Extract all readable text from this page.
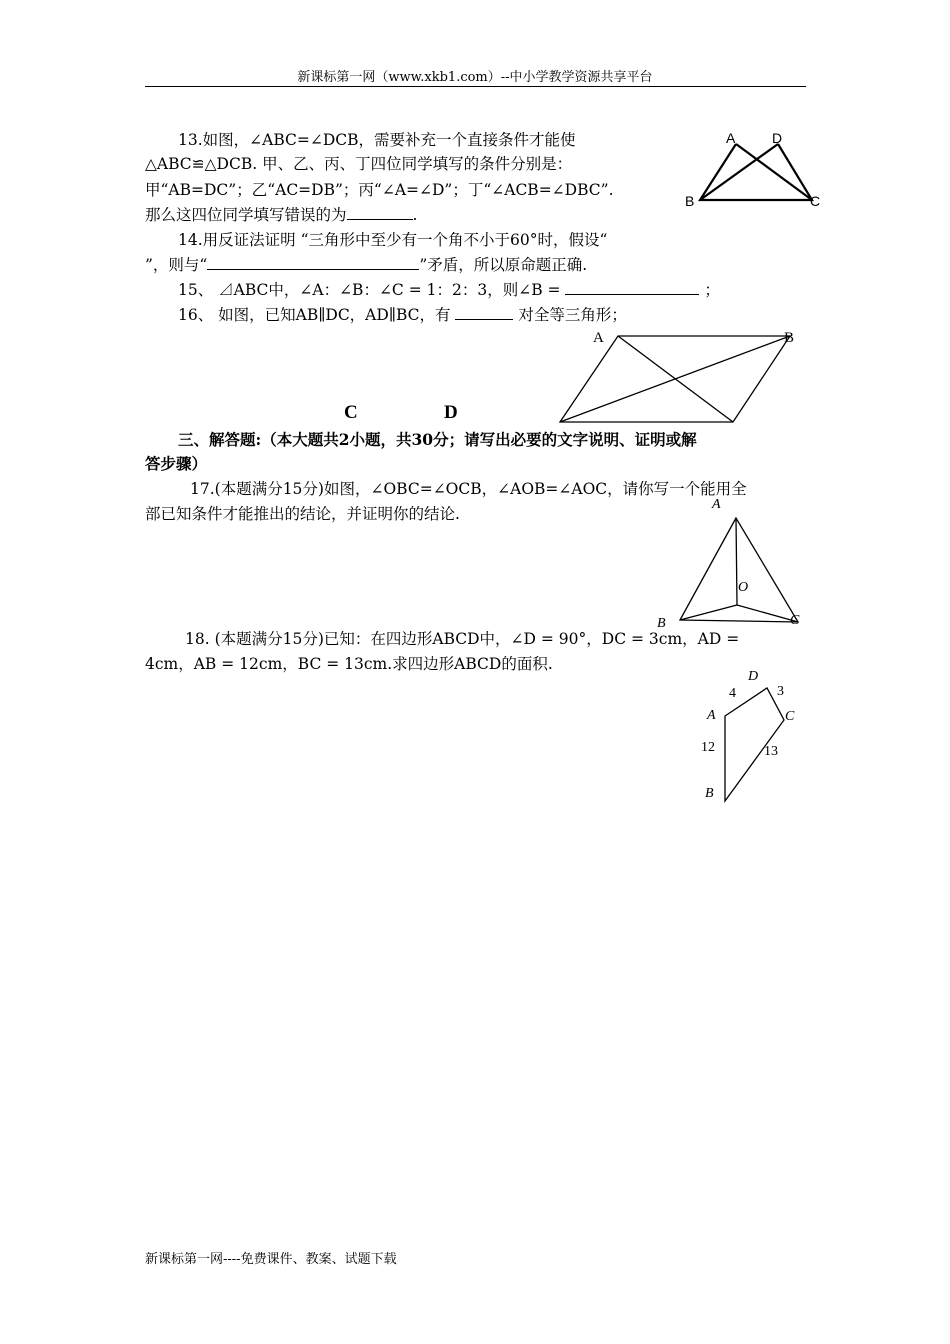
新课标第一网（www.xkb1.com）--中小学教学资源共享平台
13.如图，∠ABC=∠DCB，需要补充一个直接条件才能使
△ABC≌△DCB. 甲、乙、丙、丁四位同学填写的条件分别是：
甲“AB=DC”；乙“AC=DB”；丙“∠A=∠D”；丁“∠ACB=∠DBC”.
那么这四位同学填写错误的为	.
A	D
B	C
14.用反证法证明 “三角形中至少有一个角不小于60°时，假设“
”，则与“	”矛盾，所以原命题正确.
15、 ⊿ABC中，∠A：∠B：∠C = 1：2：3，则∠B =	；
16、 如图，已知AB∥DC，AD∥BC，有	对全等三角形；
A	B
C	D
三、解答题:（本大题共2小题，共30分；请写出必要的文字说明、证明或解
答步骤）
17.(本题满分15分)如图，∠OBC=∠OCB，∠AOB=∠AOC，请你写一个能用全
部已知条件才能推出的结论，并证明你的结论.
A
O
B	C
18. (本题满分15分)已知：在四边形ABCD中，∠D = 90°，DC = 3cm，AD =
4cm，AB = 12cm，BC = 13cm.求四边形ABCD的面积.
D
4	3
A	C
12	13
B
新课标第一网----免费课件、教案、试题下载
